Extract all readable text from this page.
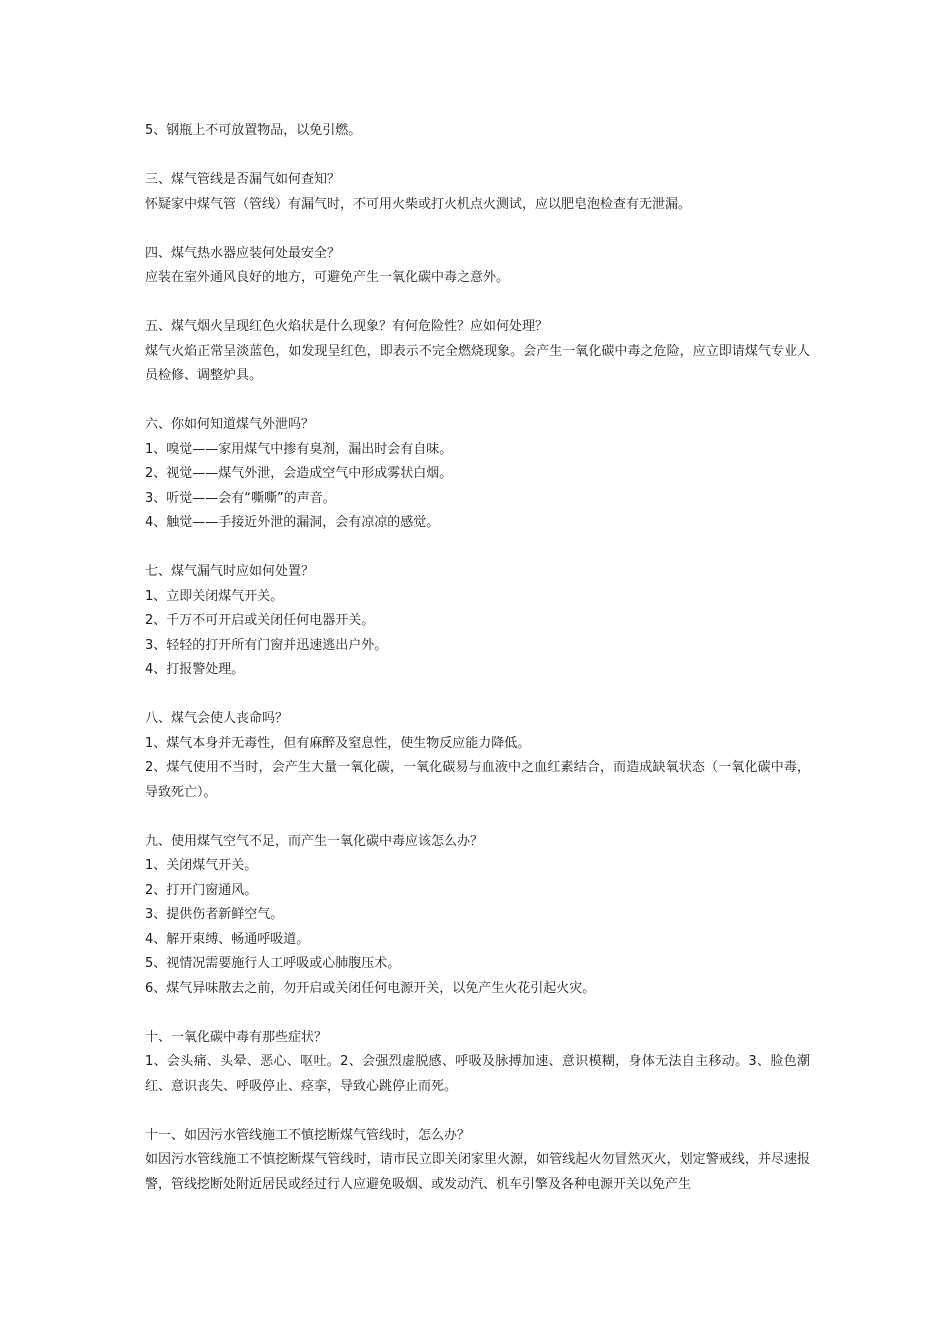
5、钢瓶上不可放置物品，以免引燃。

三、煤气管线是否漏气如何查知？

怀疑家中煤气管（管线）有漏气时，不可用火柴或打火机点火测试，应以肥皂泡检查有无泄漏。

四、煤气热水器应装何处最安全？

应装在室外通风良好的地方，可避免产生一氧化碳中毒之意外。

五、煤气烟火呈现红色火焰状是什么现象？有何危险性？应如何处理？

煤气火焰正常呈淡蓝色，如发现呈红色，即表示不完全燃烧现象。会产生一氧化碳中毒之危险，应立即请煤气专业人员检修、调整炉具。

六、你如何知道煤气外泄吗？

1、嗅觉——家用煤气中掺有臭剂，漏出时会有自味。

2、视觉——煤气外泄，会造成空气中形成雾状白烟。

3、听觉——会有“嘶嘶”的声音。

4、触觉——手接近外泄的漏洞，会有凉凉的感觉。

七、煤气漏气时应如何处置？

1、立即关闭煤气开关。

2、千万不可开启或关闭任何电器开关。

3、轻轻的打开所有门窗并迅速逃出户外。

4、打报警处理。

八、煤气会使人丧命吗？

1、煤气本身并无毒性，但有麻醉及窒息性，使生物反应能力降低。

2、煤气使用不当时，会产生大量一氧化碳，一氧化碳易与血液中之血红素结合，而造成缺氧状态（一氧化碳中毒，导致死亡）。

九、使用煤气空气不足，而产生一氧化碳中毒应该怎么办？

1、关闭煤气开关。

2、打开门窗通风。

3、提供伤者新鲜空气。

4、解开束缚、畅通呼吸道。

5、视情况需要施行人工呼吸或心肺腹压术。

6、煤气异味散去之前，勿开启或关闭任何电源开关，以免产生火花引起火灾。

十、一氧化碳中毒有那些症状？

1、会头痛、头晕、恶心、呕吐。2、会强烈虚脱感、呼吸及脉搏加速、意识模糊，身体无法自主移动。3、脸色潮红、意识丧失、呼吸停止、痉挛，导致心跳停止而死。

十一、如因污水管线施工不慎挖断煤气管线时，怎么办？

如因污水管线施工不慎挖断煤气管线时，请市民立即关闭家里火源，如管线起火勿冒然灭火，划定警戒线，并尽速报警，管线挖断处附近居民或经过行人应避免吸烟、或发动汽、机车引擎及各种电源开关以免产生
